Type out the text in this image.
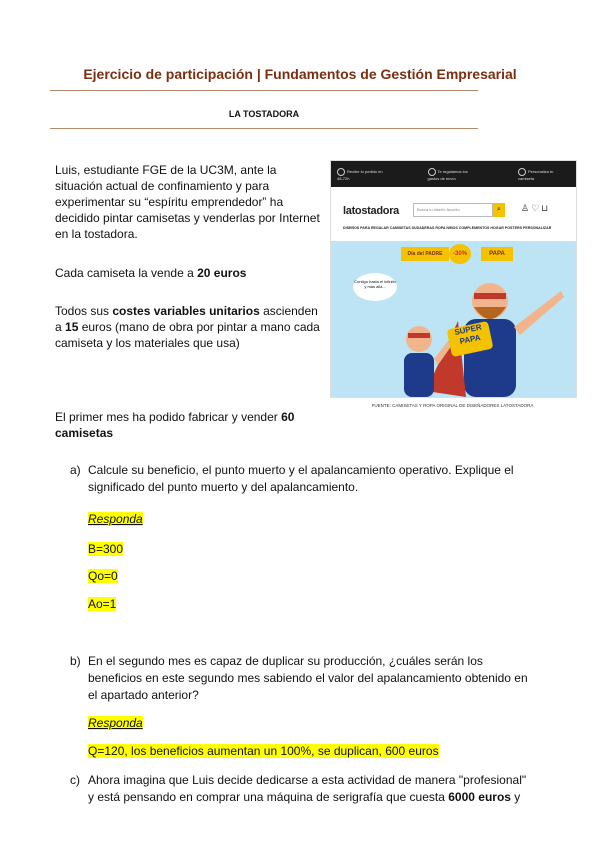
Ejercicio de participación | Fundamentos de Gestión Empresarial
LA TOSTADORA
Luis, estudiante FGE de la UC3M, ante la situación actual de confinamiento y para experimentar su “espíritu emprendedor” ha decidido pintar camisetas y venderlas por Internet en la tostadora.
Cada camiseta la vende a 20 euros
Todos sus costes variables unitarios ascienden a 15 euros (mano de obra por pintar a mano cada camiseta y los materiales que usa)
El primer mes ha podido fabricar y vender 60 camisetas
Recibe tu pedido en 48-72h
Te regalamos los gastos de envío
Personaliza tu camiseta
latostadora	Busca tu diseño favorito	⌕	♙♡⊔
DISEÑOS PARA REGALAR CAMISETAS SUDADERAS ROPA NIÑOS COMPLEMENTOS HOGAR POSTERS PERSONALIZAR
Día del PADRE	-30%	PAPA
Contigo hasta el infinito y más allá...
SUPER PAPA
FUENTE: CAMISETAS Y ROPA ORIGINAL DE DISEÑADORES LATOSTADORA
a) Calcule su beneficio, el punto muerto y el apalancamiento operativo. Explique el significado del punto muerto y del apalancamiento.
Responda
B=300
Qo=0
Ao=1
b) En el segundo mes es capaz de duplicar su producción, ¿cuáles serán los beneficios en este segundo mes sabiendo el valor del apalancamiento obtenido en el apartado anterior?
Responda
Q=120, los beneficios aumentan un 100%, se duplican, 600 euros
c) Ahora imagina que Luis decide dedicarse a esta actividad de manera "profesional" y está pensando en comprar una máquina de serigrafía que cuesta 6000 euros y
